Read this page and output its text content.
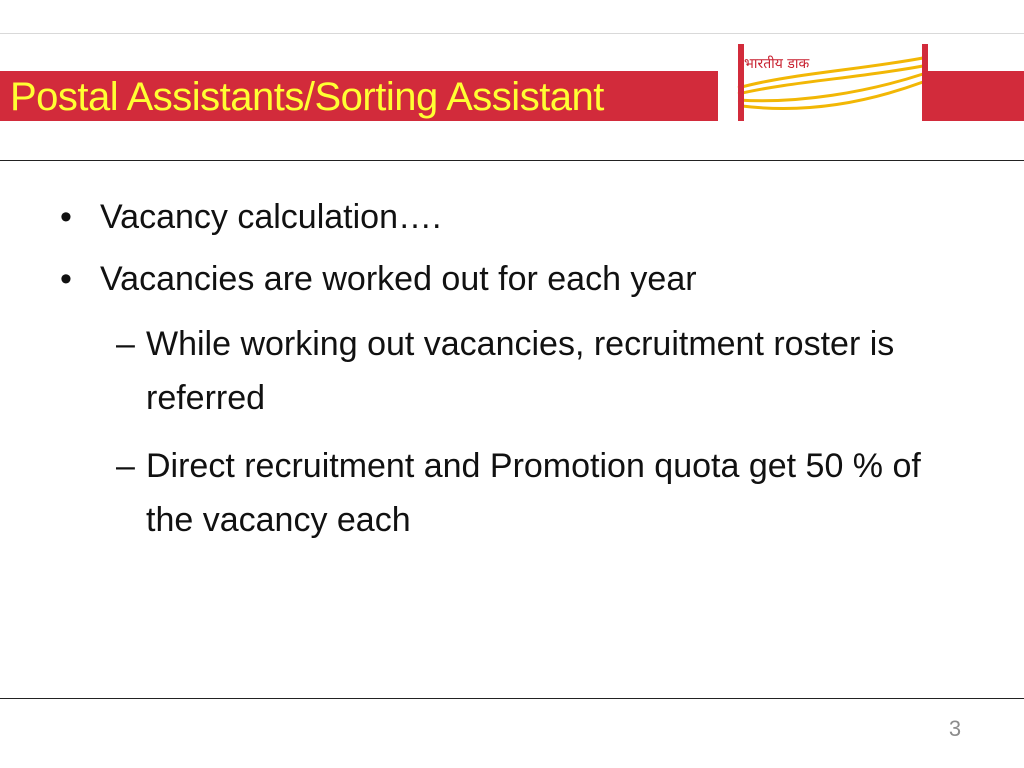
Postal Assistants/Sorting Assistant
भारतीय डाक
• Vacancy calculation….
• Vacancies are worked out for each year
– While working out vacancies, recruitment roster is referred
– Direct recruitment and Promotion quota get 50 % of the vacancy each
3
